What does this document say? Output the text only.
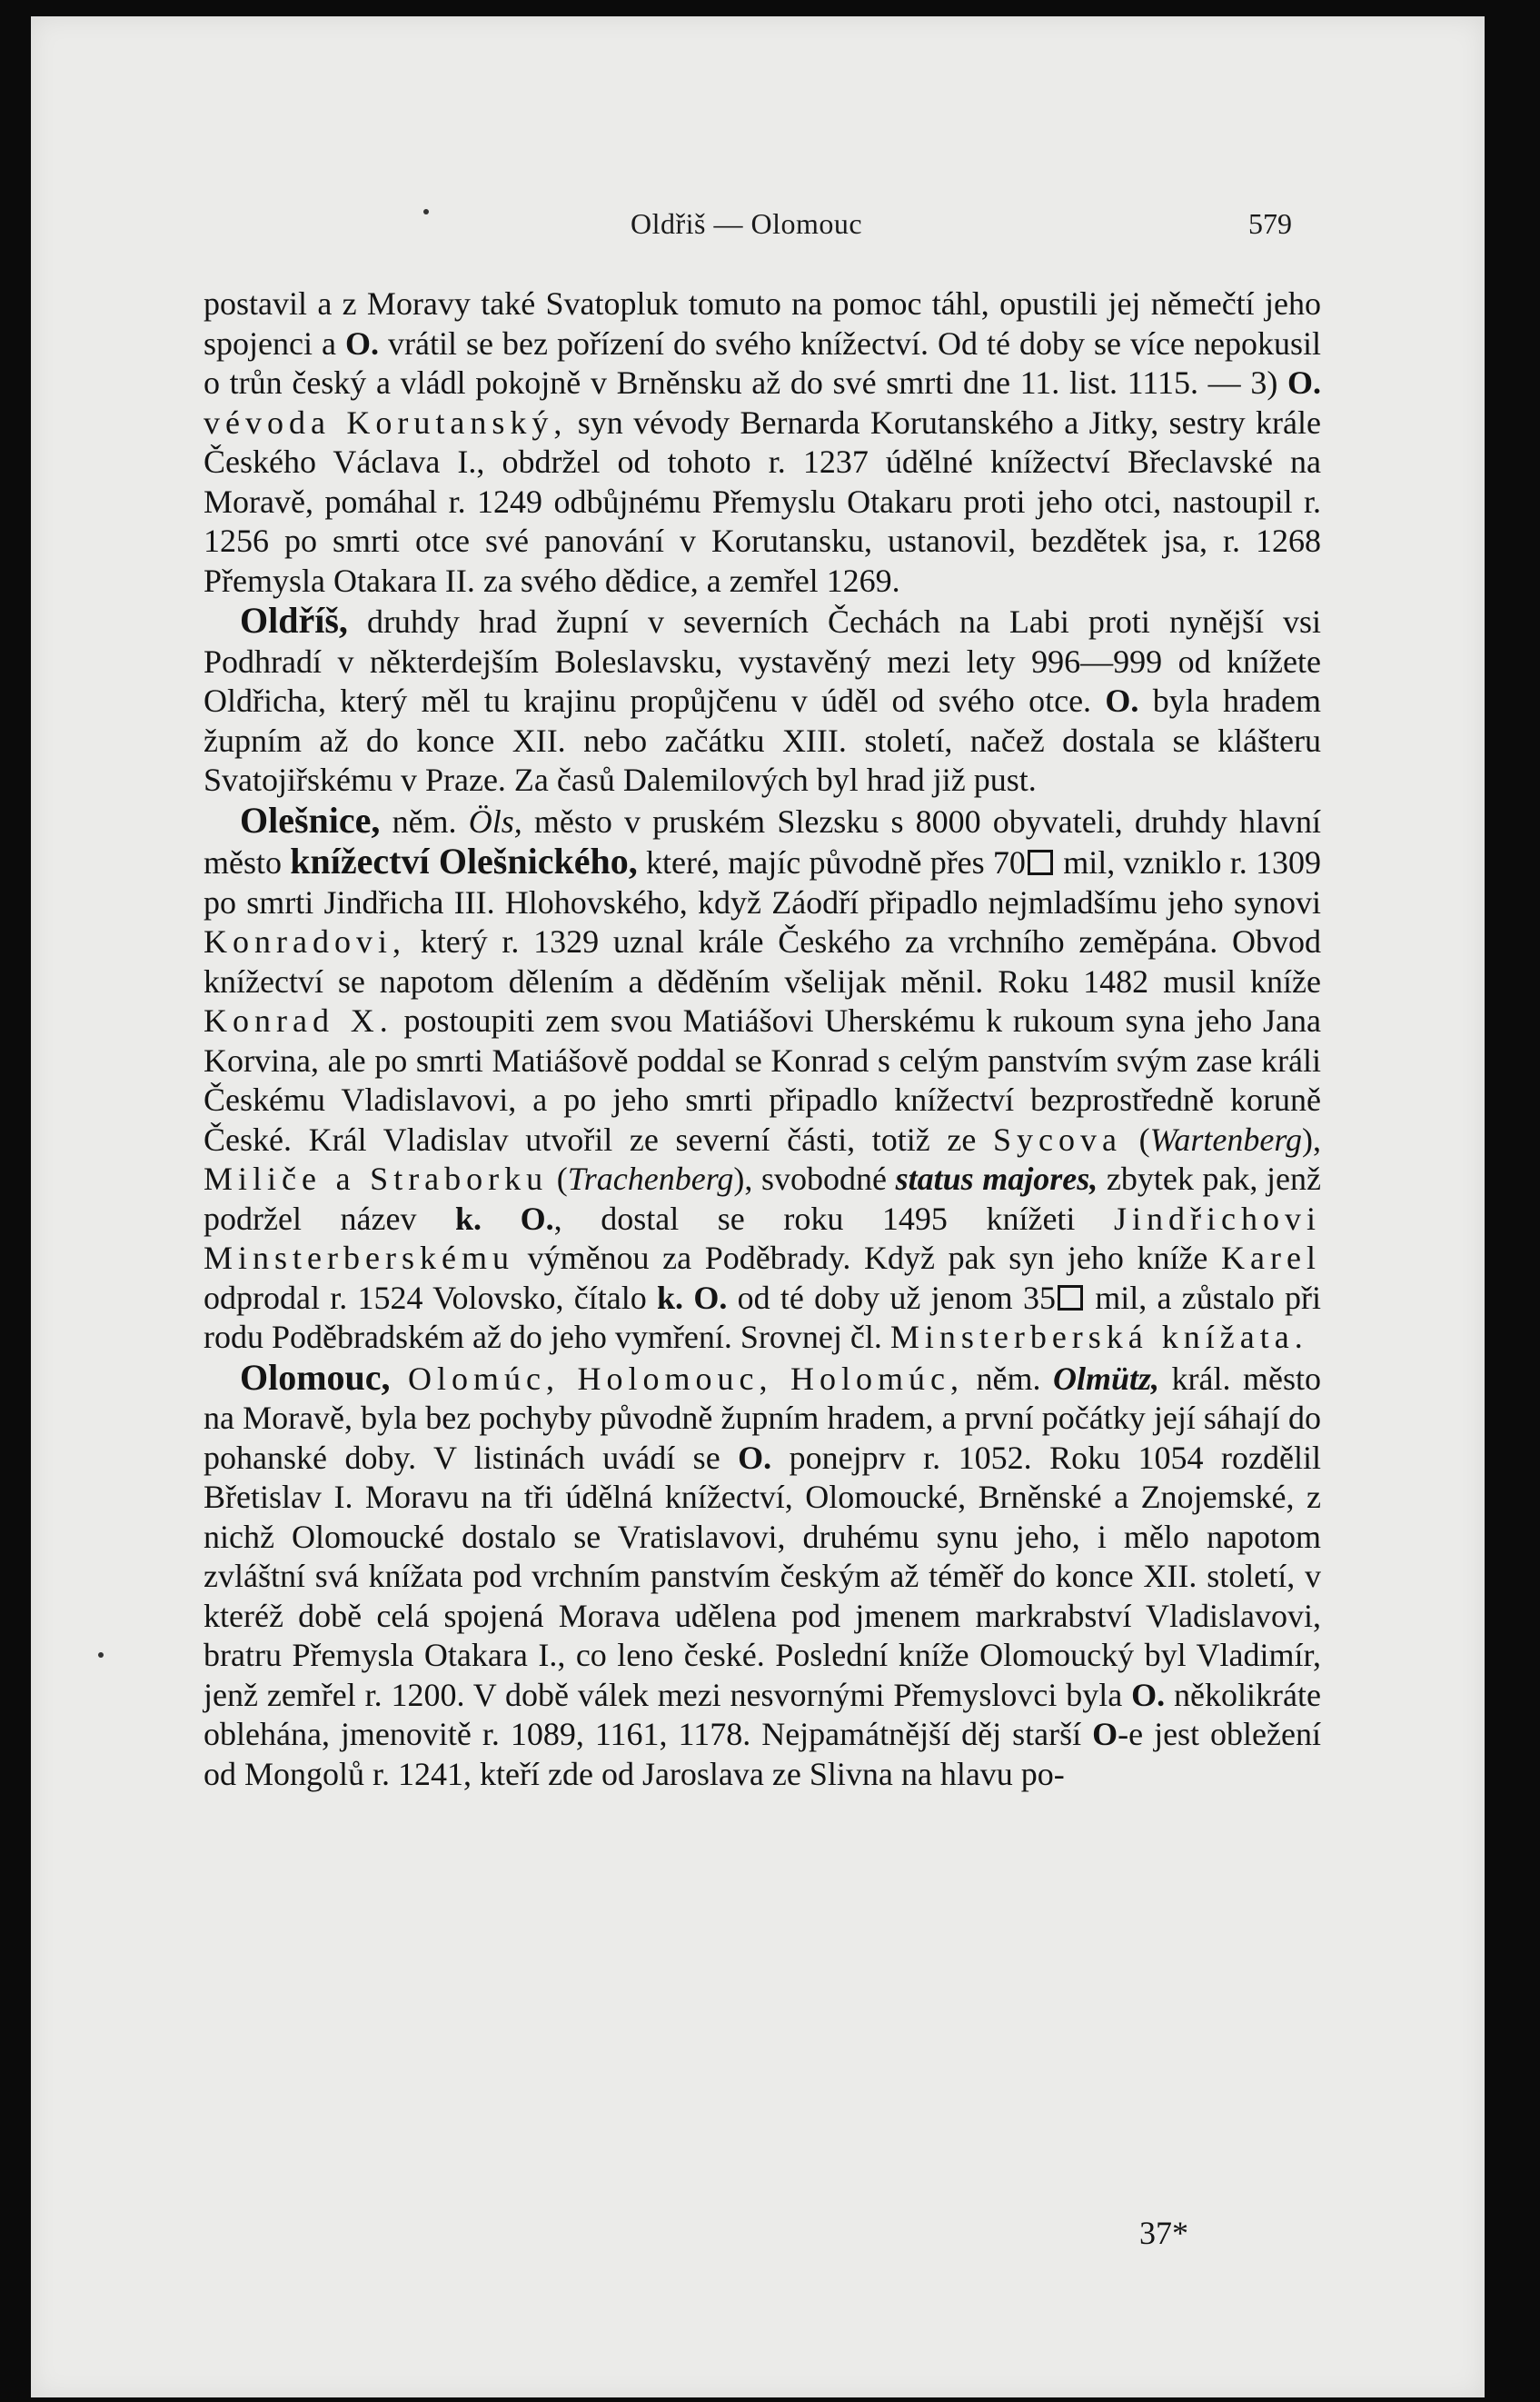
Oldřiš — Olomouc	579

postavil a z Moravy také Svatopluk tomuto na pomoc táhl, opustili jej němečtí jeho spojenci a O. vrátil se bez pořízení do svého knížectví. Od té doby se více nepokusil o trůn český a vládl pokojně v Brněnsku až do své smrti dne 11. list. 1115. — 3) O. vévoda Korutanský, syn vévody Bernarda Korutanského a Jitky, sestry krále Českého Václava I., obdržel od tohoto r. 1237 údělné knížectví Břeclavské na Moravě, pomáhal r. 1249 odbůjnému Přemyslu Otakaru proti jeho otci, nastoupil r. 1256 po smrti otce své panování v Korutansku, ustanovil, bezdětek jsa, r. 1268 Přemysla Otakara II. za svého dědice, a zemřel 1269.

Oldříš, druhdy hrad župní v severních Čechách na Labi proti nynější vsi Podhradí v některdejším Boleslavsku, vystavěný mezi lety 996—999 od knížete Oldřicha, který měl tu krajinu propůjčenu v úděl od svého otce. O. byla hradem župním až do konce XII. nebo začátku XIII. století, načež dostala se klášteru Svatojiřskému v Praze. Za časů Dalemilových byl hrad již pust.

Olešnice, něm. Öls, město v pruském Slezsku s 8000 obyvateli, druhdy hlavní město knížectví Olešnického, které, majíc původně přes 70 mil, vzniklo r. 1309 po smrti Jindřicha III. Hlohovského, když Záodří připadlo nejmladšímu jeho synovi Konradovi, který r. 1329 uznal krále Českého za vrchního zeměpána. Obvod knížectví se napotom dělením a děděním všelijak měnil. Roku 1482 musil kníže Konrad X. postoupiti zem svou Matiášovi Uherskému k rukoum syna jeho Jana Korvina, ale po smrti Matiášově poddal se Konrad s celým panstvím svým zase králi Českému Vladislavovi, a po jeho smrti připadlo knížectví bezprostředně koruně České. Král Vladislav utvořil ze severní části, totiž ze Sycova (Wartenberg), Miliče a Straborku (Trachenberg), svobodné status majores, zbytek pak, jenž podržel název k. O., dostal se roku 1495 knížeti Jindřichovi Minsterberskému výměnou za Poděbrady. Když pak syn jeho kníže Karel odprodal r. 1524 Volovsko, čítalo k. O. od té doby už jenom 35 mil, a zůstalo při rodu Poděbradském až do jeho vymření. Srovnej čl. Minsterberská knížata.

Olomouc, Olomúc, Holomouc, Holomúc, něm. Olmütz, král. město na Moravě, byla bez pochyby původně župním hradem, a první počátky její sáhají do pohanské doby. V listinách uvádí se O. ponejprv r. 1052. Roku 1054 rozdělil Břetislav I. Moravu na tři údělná knížectví, Olomoucké, Brněnské a Znojemské, z nichž Olomoucké dostalo se Vratislavovi, druhému synu jeho, i mělo napotom zvláštní svá knížata pod vrchním panstvím českým až téměř do konce XII. století, v kteréž době celá spojená Morava udělena pod jmenem markrabství Vladislavovi, bratru Přemysla Otakara I., co leno české. Poslední kníže Olomoucký byl Vladimír, jenž zemřel r. 1200. V době válek mezi nesvornými Přemyslovci byla O. několikráte oblehána, jmenovitě r. 1089, 1161, 1178. Nejpamátnější děj starší O-e jest obležení od Mongolů r. 1241, kteří zde od Jaroslava ze Slivna na hlavu po-

37*
